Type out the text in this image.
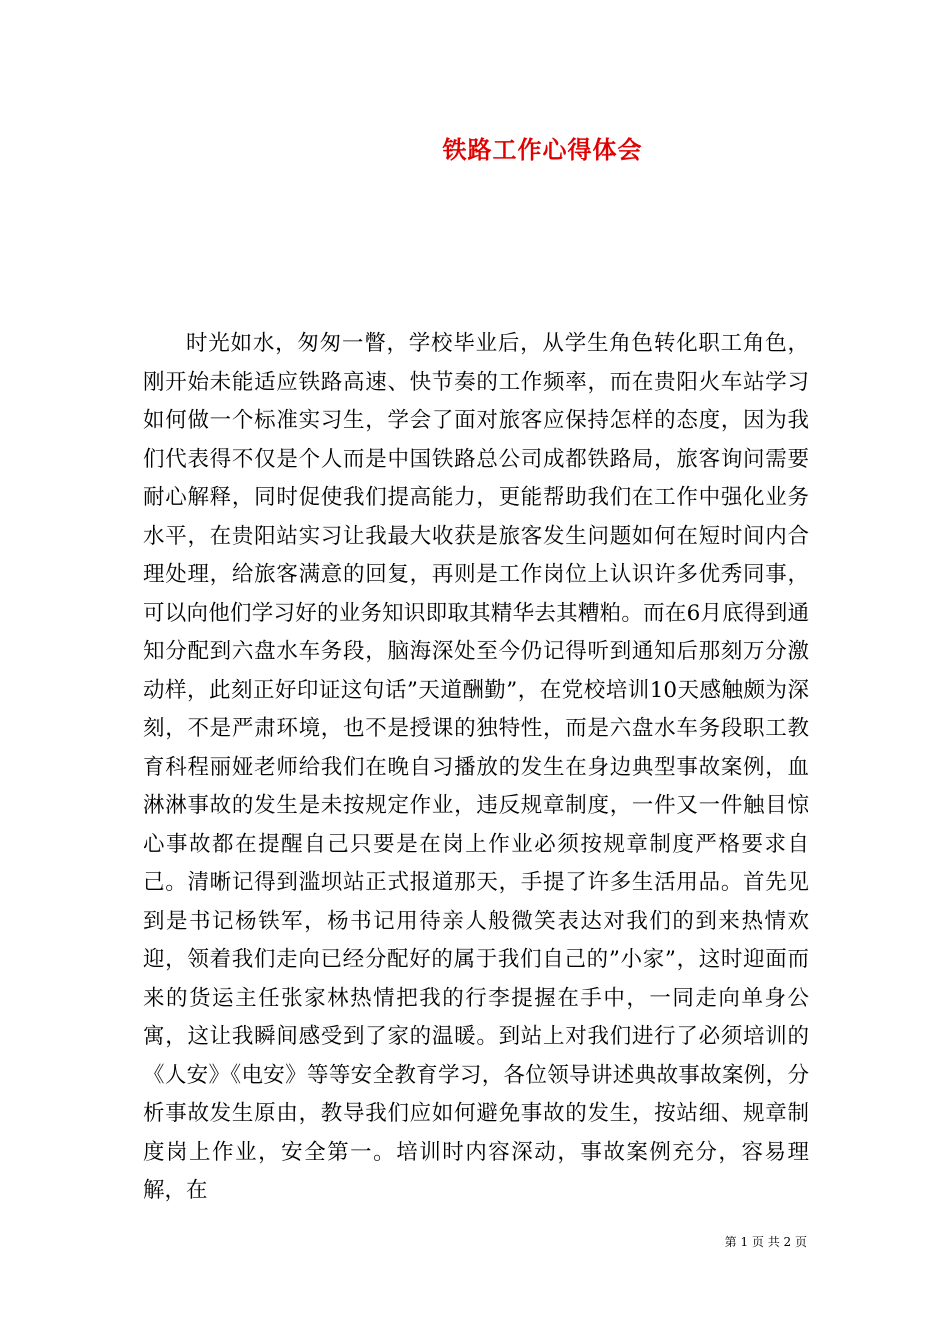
铁路工作心得体会

时光如水，匆匆一瞥，学校毕业后，从学生角色转化职工角色，刚开始未能适应铁路高速、快节奏的工作频率，而在贵阳火车站学习如何做一个标准实习生，学会了面对旅客应保持怎样的态度，因为我们代表得不仅是个人而是中国铁路总公司成都铁路局，旅客询问需要耐心解释，同时促使我们提高能力，更能帮助我们在工作中强化业务水平，在贵阳站实习让我最大收获是旅客发生问题如何在短时间内合理处理，给旅客满意的回复，再则是工作岗位上认识许多优秀同事，可以向他们学习好的业务知识即取其精华去其糟粕。而在6月底得到通知分配到六盘水车务段，脑海深处至今仍记得听到通知后那刻万分激动样，此刻正好印证这句话”天道酬勤”，在党校培训10天感触颇为深刻，不是严肃环境，也不是授课的独特性，而是六盘水车务段职工教育科程丽娅老师给我们在晚自习播放的发生在身边典型事故案例，血淋淋事故的发生是未按规定作业，违反规章制度，一件又一件触目惊心事故都在提醒自己只要是在岗上作业必须按规章制度严格要求自己。清晰记得到滥坝站正式报道那天，手提了许多生活用品。首先见到是书记杨铁军，杨书记用待亲人般微笑表达对我们的到来热情欢迎，领着我们走向已经分配好的属于我们自己的”小家”，这时迎面而来的货运主任张家林热情把我的行李提握在手中，一同走向单身公寓，这让我瞬间感受到了家的温暖。到站上对我们进行了必须培训的《人安》《电安》等等安全教育学习，各位领导讲述典故事故案例，分析事故发生原由，教导我们应如何避免事故的发生，按站细、规章制度岗上作业，安全第一。培训时内容深动，事故案例充分，容易理解，在

第 1 页 共 2 页
